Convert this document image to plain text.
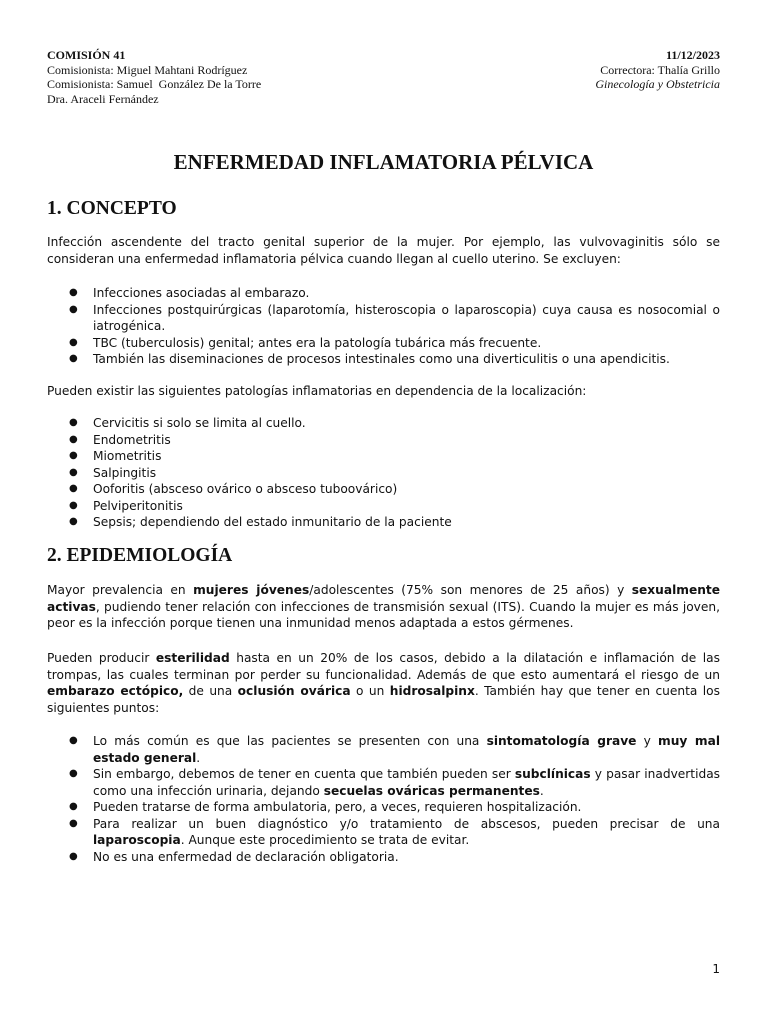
COMISIÓN 41
Comisionista: Miguel Mahtani Rodríguez
Comisionista: Samuel  González De la Torre
Dra. Araceli Fernández
11/12/2023
Correctora: Thalía Grillo
Ginecología y Obstetricia
ENFERMEDAD INFLAMATORIA PÉLVICA
1. CONCEPTO
Infección ascendente del tracto genital superior de la mujer. Por ejemplo, las vulvovaginitis sólo se consideran una enfermedad inflamatoria pélvica cuando llegan al cuello uterino. Se excluyen:
● Infecciones asociadas al embarazo.
● Infecciones postquirúrgicas (laparotomía, histeroscopia o laparoscopia) cuya causa es nosocomial o iatrogénica.
● TBC (tuberculosis) genital; antes era la patología tubárica más frecuente.
● También las diseminaciones de procesos intestinales como una diverticulitis o una apendicitis.
Pueden existir las siguientes patologías inflamatorias en dependencia de la localización:
● Cervicitis si solo se limita al cuello.
● Endometritis
● Miometritis
● Salpingitis
● Ooforitis (absceso ovárico o absceso tuboovárico)
● Pelviperitonitis
● Sepsis; dependiendo del estado inmunitario de la paciente
2. EPIDEMIOLOGÍA
Mayor prevalencia en mujeres jóvenes/adolescentes (75% son menores de 25 años) y sexualmente activas, pudiendo tener relación con infecciones de transmisión sexual (ITS). Cuando la mujer es más joven, peor es la infección porque tienen una inmunidad menos adaptada a estos gérmenes.
Pueden producir esterilidad hasta en un 20% de los casos, debido a la dilatación e inflamación de las trompas, las cuales terminan por perder su funcionalidad. Además de que esto aumentará el riesgo de un embarazo ectópico, de una oclusión ovárica o un hidrosalpinx. También hay que tener en cuenta los siguientes puntos:
● Lo más común es que las pacientes se presenten con una sintomatología grave y muy mal estado general.
● Sin embargo, debemos de tener en cuenta que también pueden ser subclínicas y pasar inadvertidas como una infección urinaria, dejando secuelas ováricas permanentes.
● Pueden tratarse de forma ambulatoria, pero, a veces, requieren hospitalización.
● Para realizar un buen diagnóstico y/o tratamiento de abscesos, pueden precisar de una laparoscopia. Aunque este procedimiento se trata de evitar.
● No es una enfermedad de declaración obligatoria.
1
